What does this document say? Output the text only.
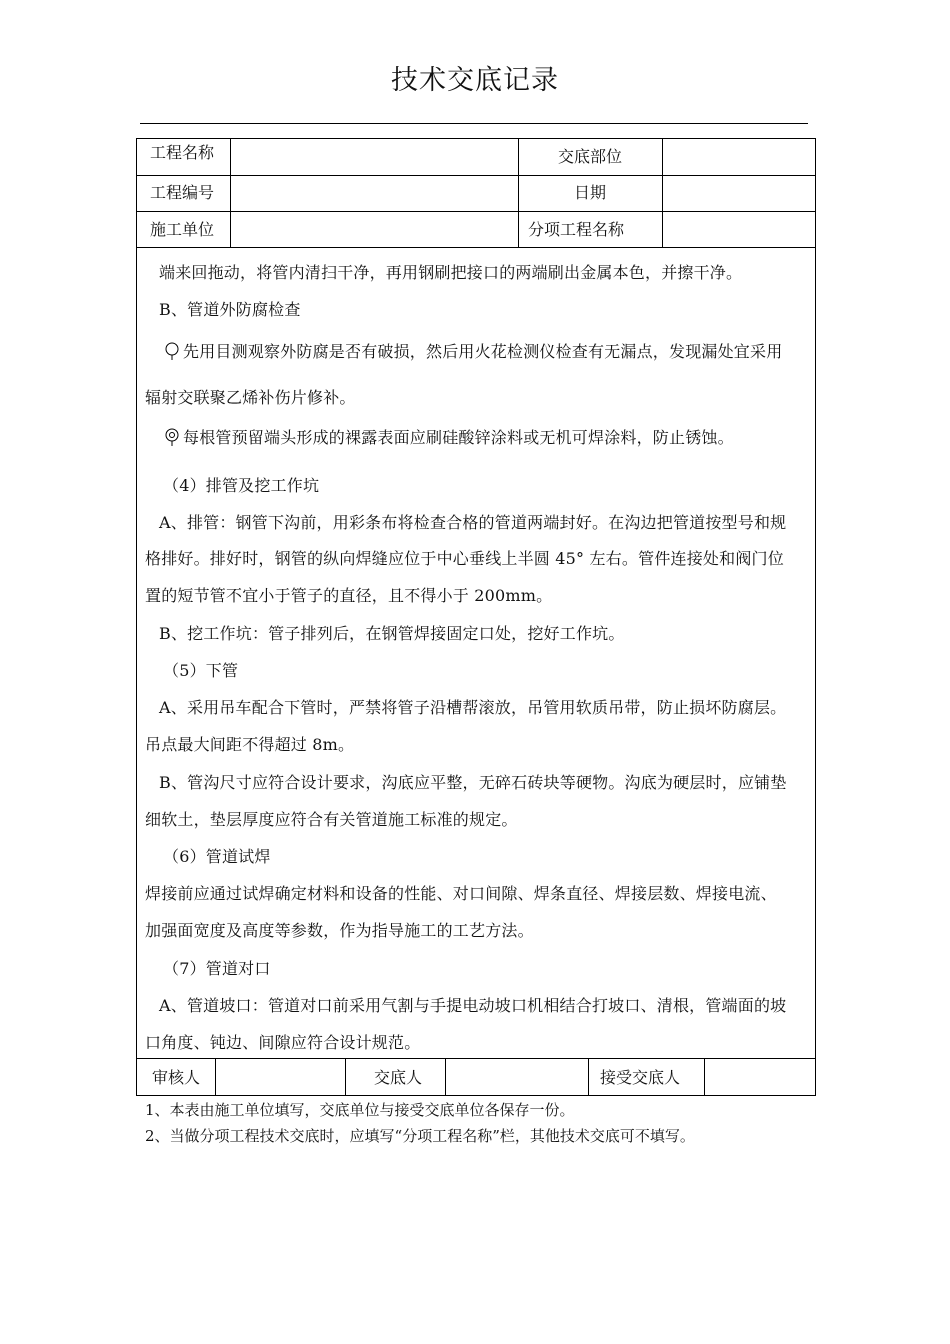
技术交底记录
工程名称	交底部位
工程编号	日期
施工单位	分项工程名称
端来回拖动，将管内清扫干净，再用钢刷把接口的两端刷出金属本色，并擦干净。
B、管道外防腐检查
先用目测观察外防腐是否有破损，然后用火花检测仪检查有无漏点，发现漏处宜采用
辐射交联聚乙烯补伤片修补。
每根管预留端头形成的裸露表面应刷硅酸锌涂料或无机可焊涂料，防止锈蚀。
（4）排管及挖工作坑
A、排管：钢管下沟前，用彩条布将检查合格的管道两端封好。在沟边把管道按型号和规
格排好。排好时，钢管的纵向焊缝应位于中心垂线上半圆 45° 左右。管件连接处和阀门位
置的短节管不宜小于管子的直径，且不得小于 200mm。
B、挖工作坑：管子排列后，在钢管焊接固定口处，挖好工作坑。
（5）下管
A、采用吊车配合下管时，严禁将管子沿槽帮滚放，吊管用软质吊带，防止损坏防腐层。
吊点最大间距不得超过 8m。
B、管沟尺寸应符合设计要求，沟底应平整，无碎石砖块等硬物。沟底为硬层时，应铺垫
细软土，垫层厚度应符合有关管道施工标准的规定。
（6）管道试焊
焊接前应通过试焊确定材料和设备的性能、对口间隙、焊条直径、焊接层数、焊接电流、
加强面宽度及高度等参数，作为指导施工的工艺方法。
（7）管道对口
A、管道坡口：管道对口前采用气割与手提电动坡口机相结合打坡口、清根，管端面的坡
口角度、钝边、间隙应符合设计规范。
审核人	交底人	接受交底人
1、本表由施工单位填写，交底单位与接受交底单位各保存一份。
2、当做分项工程技术交底时，应填写“分项工程名称”栏，其他技术交底可不填写。
